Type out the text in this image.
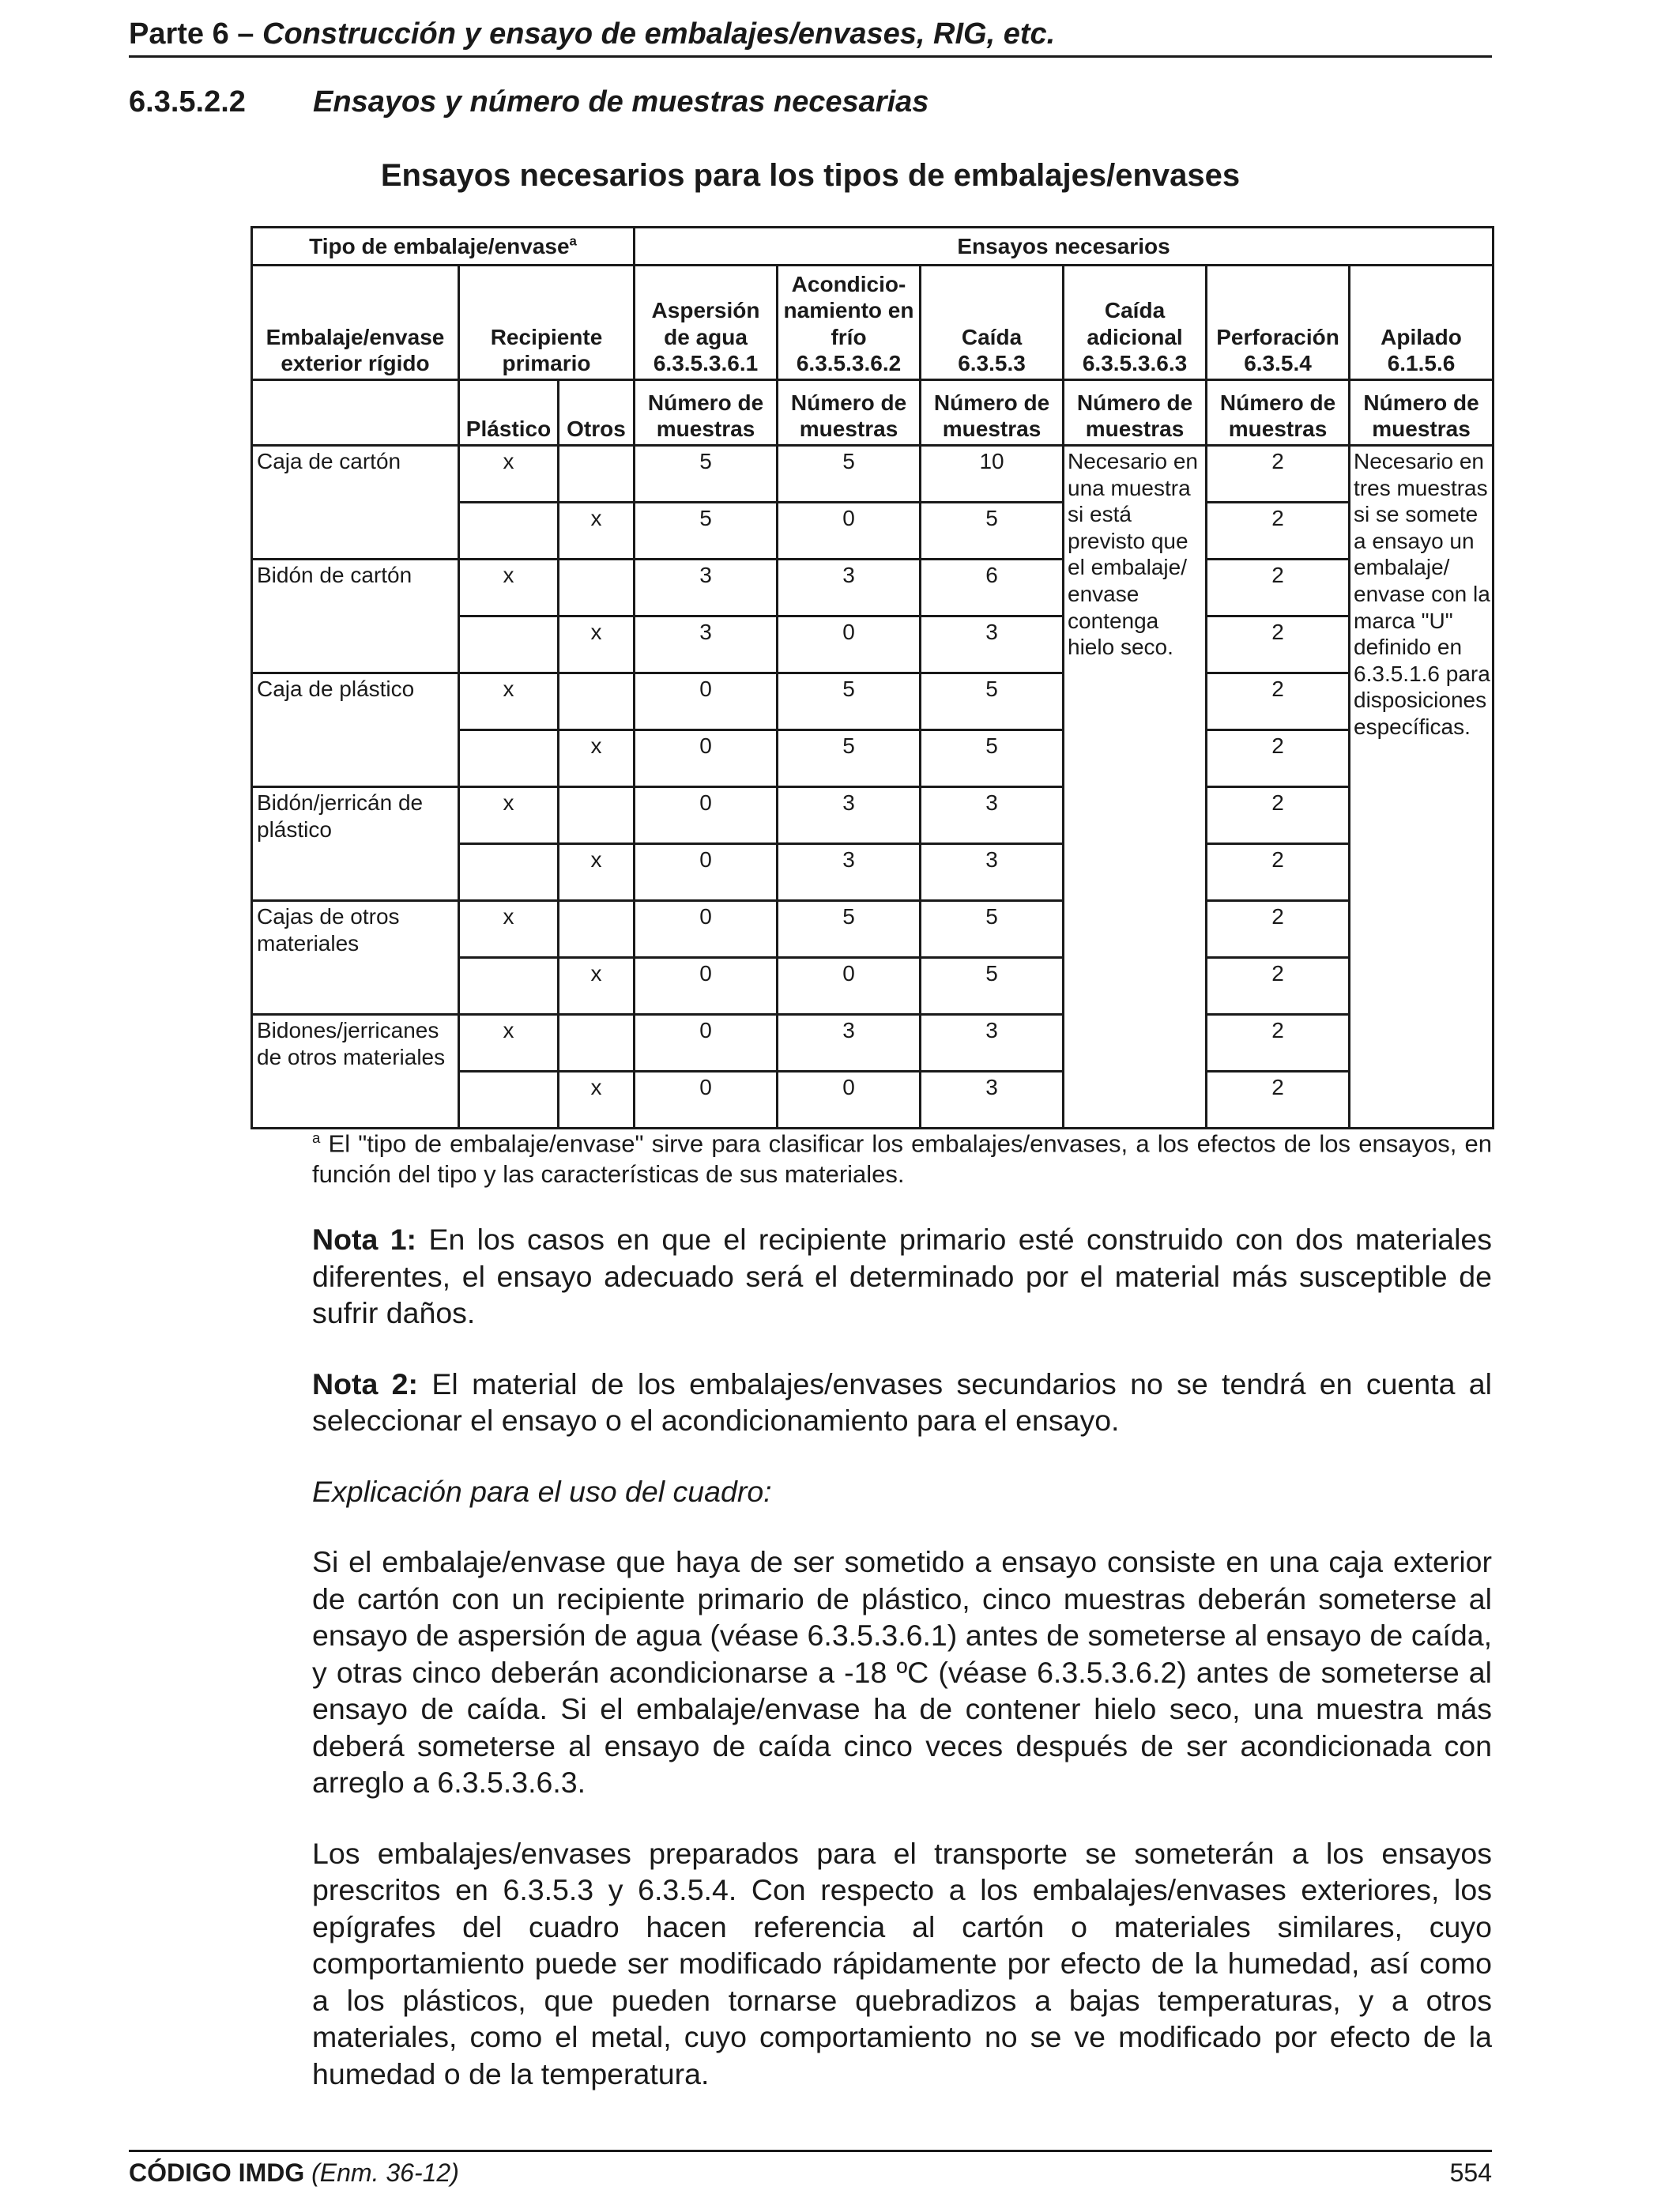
Parte 6 – Construcción y ensayo de embalajes/envases, RIG, etc.
6.3.5.2.2 Ensayos y número de muestras necesarias
Ensayos necesarios para los tipos de embalajes/envases
Tipo de embalaje/envase$^a$			Ensayos necesarios					
Embalaje/envase exterior rígido	Recipiente primario		Aspersión de agua 6.3.5.3.6.1	Acondicio-namiento en frío 6.3.5.3.6.2	Caída 6.3.5.3	Caída adicional 6.3.5.3.6.3	Perforación 6.3.5.4	Apilado 6.1.5.6
	Plástico	Otros	Número de muestras	Número de muestras	Número de muestras	Número de muestras	Número de muestras	Número de muestras
Caja de cartón	x		5	5	10	Necesario en una muestra si está previsto que el embalaje/ envase contenga hielo seco.	2	Necesario en tres muestras si se somete a ensayo un embalaje/ envase con la marca "U" definido en 6.3.5.1.6 para disposiciones específicas.
		x	5	0	5		2	
Bidón de cartón	x		3	3	6		2	
		x	3	0	3		2	
Caja de plástico	x		0	5	5		2	
		x	0	5	5		2	
Bidón/jerricán de plástico	x		0	3	3		2	
		x	0	3	3		2	
Cajas de otros materiales	x		0	5	5		2	
		x	0	0	5		2	
Bidones/jerricanes de otros materiales	x		0	3	3		2	
		x	0	0	3		2	
$^a$ El "tipo de embalaje/envase" sirve para clasificar los embalajes/envases, a los efectos de los ensayos, en función del tipo y las características de sus materiales.

Nota 1: En los casos en que el recipiente primario esté construido con dos materiales diferentes, el ensayo adecuado será el determinado por el material más susceptible de sufrir daños.

Nota 2: El material de los embalajes/envases secundarios no se tendrá en cuenta al seleccionar el ensayo o el acondicionamiento para el ensayo.

Explicación para el uso del cuadro:

Si el embalaje/envase que haya de ser sometido a ensayo consiste en una caja exterior de cartón con un recipiente primario de plástico, cinco muestras deberán someterse al ensayo de aspersión de agua (véase 6.3.5.3.6.1) antes de someterse al ensayo de caída, y otras cinco deberán acondicionarse a -18 ºC (véase 6.3.5.3.6.2) antes de someterse al ensayo de caída. Si el embalaje/envase ha de contener hielo seco, una muestra más deberá someterse al ensayo de caída cinco veces después de ser acondicionada con arreglo a 6.3.5.3.6.3.

Los embalajes/envases preparados para el transporte se someterán a los ensayos prescritos en 6.3.5.3 y 6.3.5.4. Con respecto a los embalajes/envases exteriores, los epígrafes del cuadro hacen referencia al cartón o materiales similares, cuyo comportamiento puede ser modificado rápidamente por efecto de la humedad, así como a los plásticos, que pueden tornarse quebradizos a bajas temperaturas, y a otros materiales, como el metal, cuyo comportamiento no se ve modificado por efecto de la humedad o de la temperatura.

CÓDIGO IMDG (Enm. 36-12)	554
